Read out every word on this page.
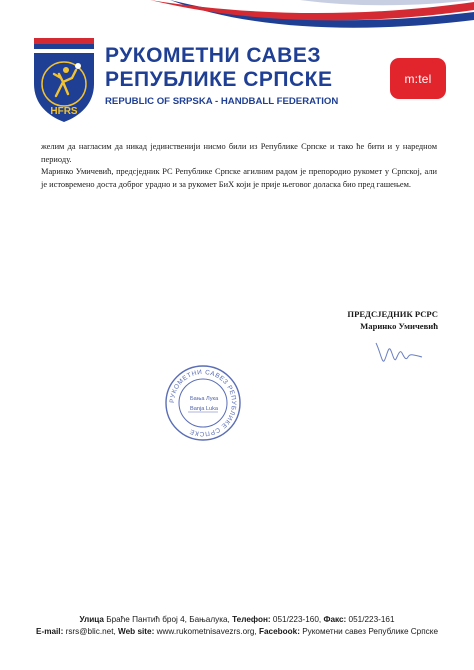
HFRS
РУКОМЕТНИ САВЕЗ
РЕПУБЛИКЕ СРПСКЕ
REPUBLIC OF SRPSKA - HANDBALL FEDERATION
m:tel

желим да нагласим да никад јединственији нисмо били из Републике Српске и тако ће бити и у наредном периоду.

Маринко Умичевић, предсједник РС Републике Српске агилним радом је препородио рукомет у Српској, али је истовремено доста доброг урадно и за рукомет БиХ који је прије његовог доласка био пред гашењем.

ПРЕДСЈЕДНИК РСРС
Маринко Умичевић
РУКОМЕТНИ САВЕЗ РЕПУБЛИКЕ СРПСКЕ
Бања Лука
Banja Luka
Улица Браће Пантић број 4, Бањалука, Телефон: 051/223-160, Факс: 051/223-161
E-mail: rsrs@blic.net, Web site: www.rukometnisavezrs.org, Facebook: Рукометни савез Републике Српске
